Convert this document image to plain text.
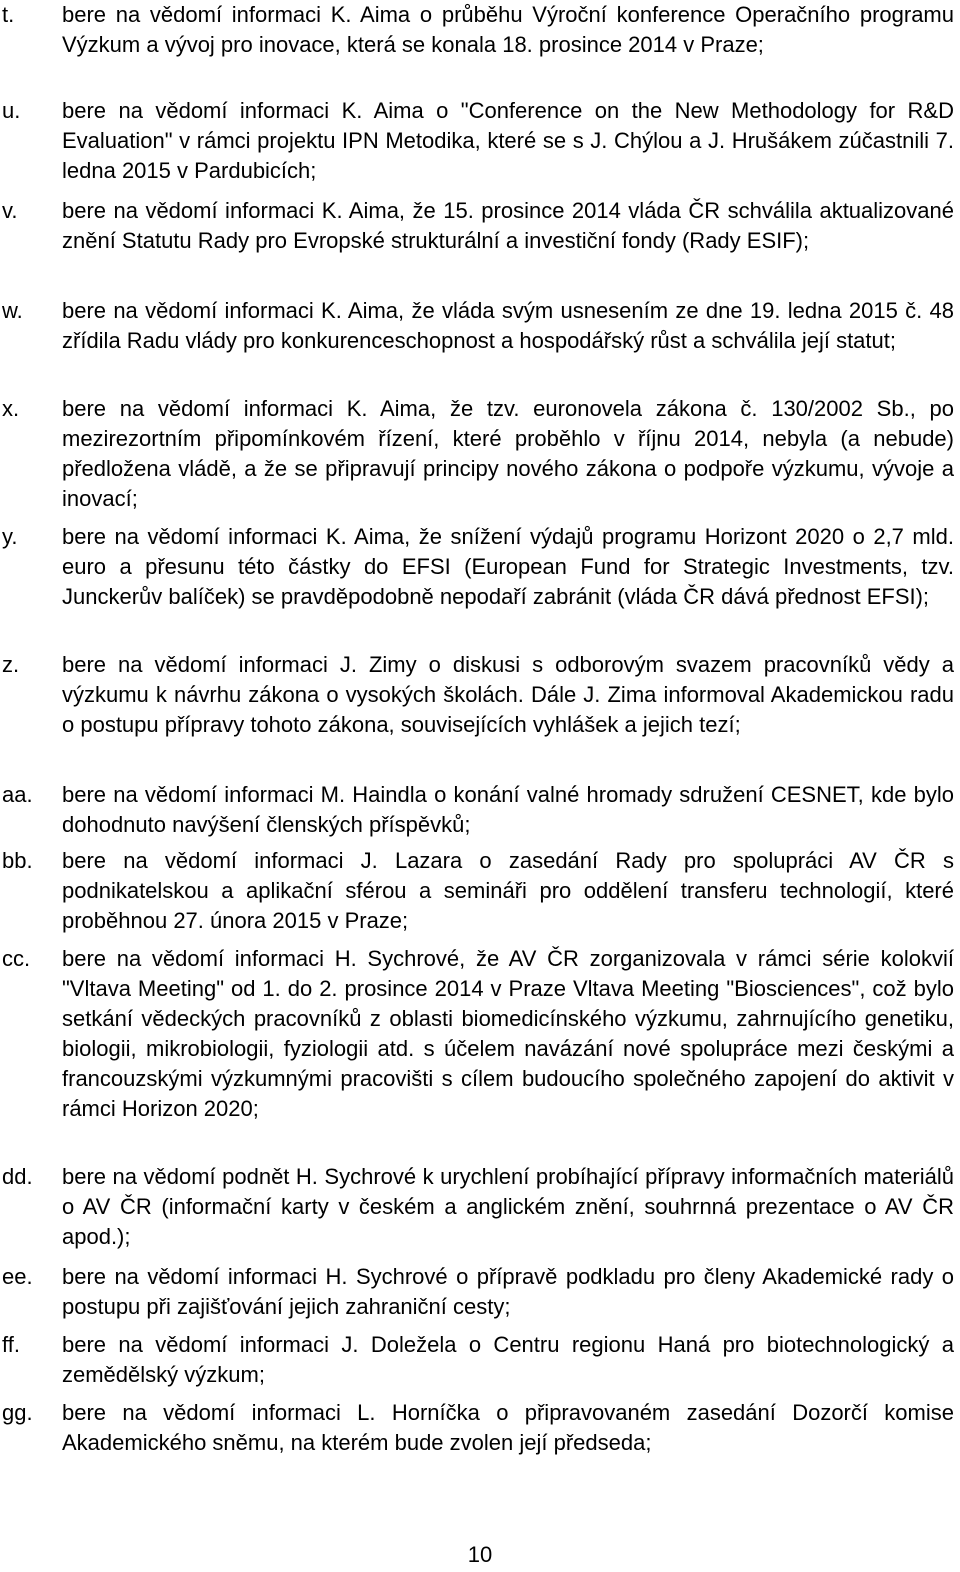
t. bere na vědomí informaci K. Aima o průběhu Výroční konference Operačního programu Výzkum a vývoj pro inovace, která se konala 18. prosince 2014 v Praze;
u. bere na vědomí informaci K. Aima o "Conference on the New Methodology for R&D Evaluation" v rámci projektu IPN Metodika, které se s J. Chýlou a J. Hrušákem zúčastnili 7. ledna 2015 v Pardubicích;
v. bere na vědomí informaci K. Aima, že 15. prosince 2014 vláda ČR schválila aktualizované znění Statutu Rady pro Evropské strukturální a investiční fondy (Rady ESIF);
w. bere na vědomí informaci K. Aima, že vláda svým usnesením ze dne 19. ledna 2015 č. 48 zřídila Radu vlády pro konkurenceschopnost a hospodářský růst a schválila její statut;
x. bere na vědomí informaci K. Aima, že tzv. euronovela zákona č. 130/2002 Sb., po mezirezortním připomínkovém řízení, které proběhlo v říjnu 2014, nebyla (a nebude) předložena vládě, a že se připravují principy nového zákona o podpoře výzkumu, vývoje a inovací;
y. bere na vědomí informaci K. Aima, že snížení výdajů programu Horizont 2020 o 2,7 mld. euro a přesunu této částky do EFSI (European Fund for Strategic Investments, tzv. Junckerův balíček) se pravděpodobně nepodaří zabránit (vláda ČR dává přednost EFSI);
z. bere na vědomí informaci J. Zimy o diskusi s odborovým svazem pracovníků vědy a výzkumu k návrhu zákona o vysokých školách. Dále J. Zima informoval Akademickou radu o postupu přípravy tohoto zákona, souvisejících vyhlášek a jejich tezí;
aa. bere na vědomí informaci M. Haindla o konání valné hromady sdružení CESNET, kde bylo dohodnuto navýšení členských příspěvků;
bb. bere na vědomí informaci J. Lazara o zasedání Rady pro spolupráci AV ČR s podnikatelskou a aplikační sférou a semináři pro oddělení transferu technologií, které proběhnou 27. února 2015 v Praze;
cc. bere na vědomí informaci H. Sychrové, že AV ČR zorganizovala v rámci série kolokvií "Vltava Meeting" od 1. do 2. prosince 2014 v Praze Vltava Meeting "Biosciences", což bylo setkání vědeckých pracovníků z oblasti biomedicínského výzkumu, zahrnujícího genetiku, biologii, mikrobiologii, fyziologii atd. s účelem navázání nové spolupráce mezi českými a francouzskými výzkumnými pracovišti s cílem budoucího společného zapojení do aktivit v rámci Horizon 2020;
dd. bere na vědomí podnět H. Sychrové k urychlení probíhající přípravy informačních materiálů o AV ČR (informační karty v českém a anglickém znění, souhrnná prezentace o AV ČR apod.);
ee. bere na vědomí informaci H. Sychrové o přípravě podkladu pro členy Akademické rady o postupu při zajišťování jejich zahraniční cesty;
ff. bere na vědomí informaci J. Doležela o Centru regionu Haná pro biotechnologický a zemědělský výzkum;
gg. bere na vědomí informaci L. Horníčka o připravovaném zasedání Dozorčí komise Akademického sněmu, na kterém bude zvolen její předseda;
10
